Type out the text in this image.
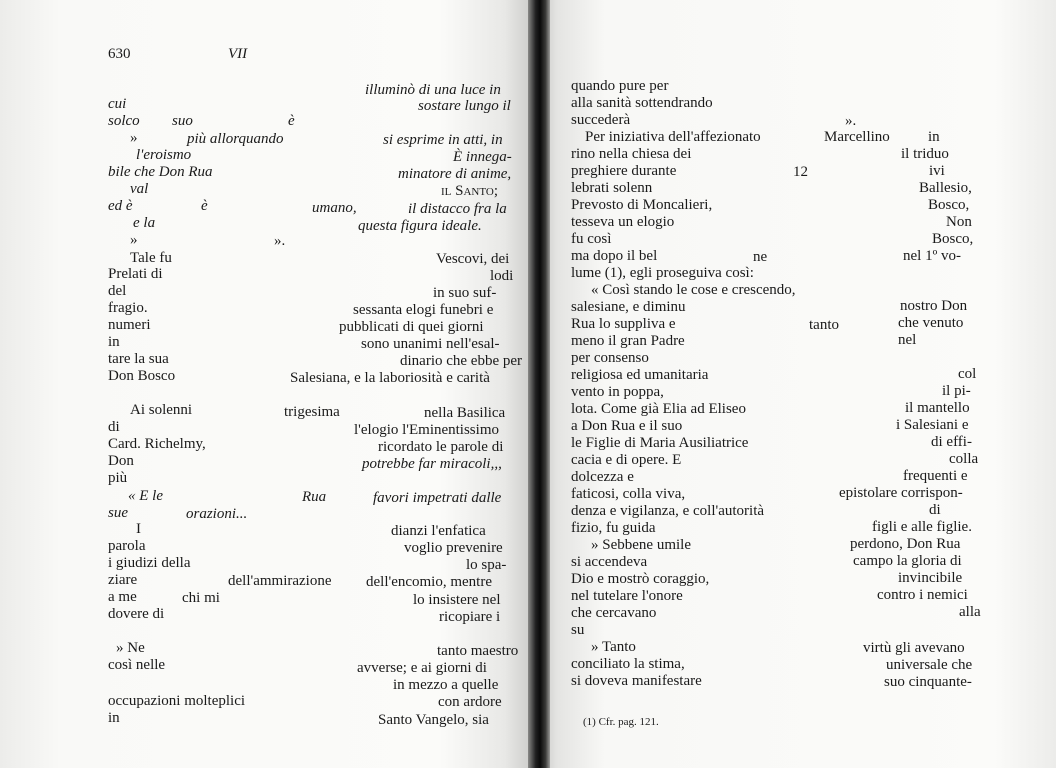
630	VII
illuminò di una luce in
cui	sostare lungo il
solco suo	è
»	più allorquando	si esprime in atti, in
l'eroismo	È innega-
bile che Don Rua	minatore di anime,
val	il Santo;
ed è	è	umano,	il distacco fra la
e la	questa figura ideale.
»	».
Tale fu	Vescovi, dei
Prelati di	lodi
del	in suo suf-
fragio.	sessanta elogi funebri e
numeri	pubblicati di quei giorni
in	sono unanimi nell'esal-
tare la sua	dinario che ebbe per
Don Bosco	Salesiana, e la laboriosità e carità
Ai solenni	trigesima	nella Basilica
di	l'elogio l'Eminentissimo
Card. Richelmy,	ricordato le parole di
Don	potrebbe far miracoli,,,
più
« E le	Rua	favori impetrati dalle
sue	orazioni...
I	dianzi l'enfatica
parola	voglio prevenire
i giudizi della	lo spa-
ziare	dell'ammirazione dell'encomio, mentre
a me	chi mi	lo insistere nel
dovere di	ricopiare i
» Ne	tanto maestro
così nelle	avverse; e ai giorni di
in mezzo a quelle
occupazioni molteplici	con ardore
in	Santo Vangelo, sia
quando pure per
alla sanità sottendrando
succederà	».
Per iniziativa dell'affezionato	Marcellino	in
rino nella chiesa dei	il triduo
preghiere durante	12	ivi
lebrati solenn	Ballesio,
Prevosto di Moncalieri,	Bosco,
tesseva un elogio	Non
fu così	Bosco,
ma dopo il bel	ne	nel 1º vo-
lume (1), egli proseguiva così:
« Così stando le cose e crescendo,
salesiane, e diminu	nostro Don
Rua lo suppliva e	tanto	che venuto
meno il gran Padre	nel
per consenso
religiosa ed umanitaria	col
vento in poppa,	il pi-
lota. Come già Elia ad Eliseo	il mantello
a Don Rua e il suo	i Salesiani e
le Figlie di Maria Ausiliatrice	di effi-
cacia e di opere. E	colla
dolcezza e	frequenti e
faticosi, colla viva,	epistolare corrispon-
denza e vigilanza, e coll'autorità	di
fizio, fu guida	figli e alle figlie.
» Sebbene umile	perdono, Don Rua
si accendeva	campo la gloria di
Dio e mostrò coraggio,	invincibile
nel tutelare l'onore	contro i nemici
che cercavano	alla
su
» Tanto	virtù gli avevano
conciliato la stima,	universale che
si doveva manifestare	suo cinquante-
(1) Cfr. pag. 121.
